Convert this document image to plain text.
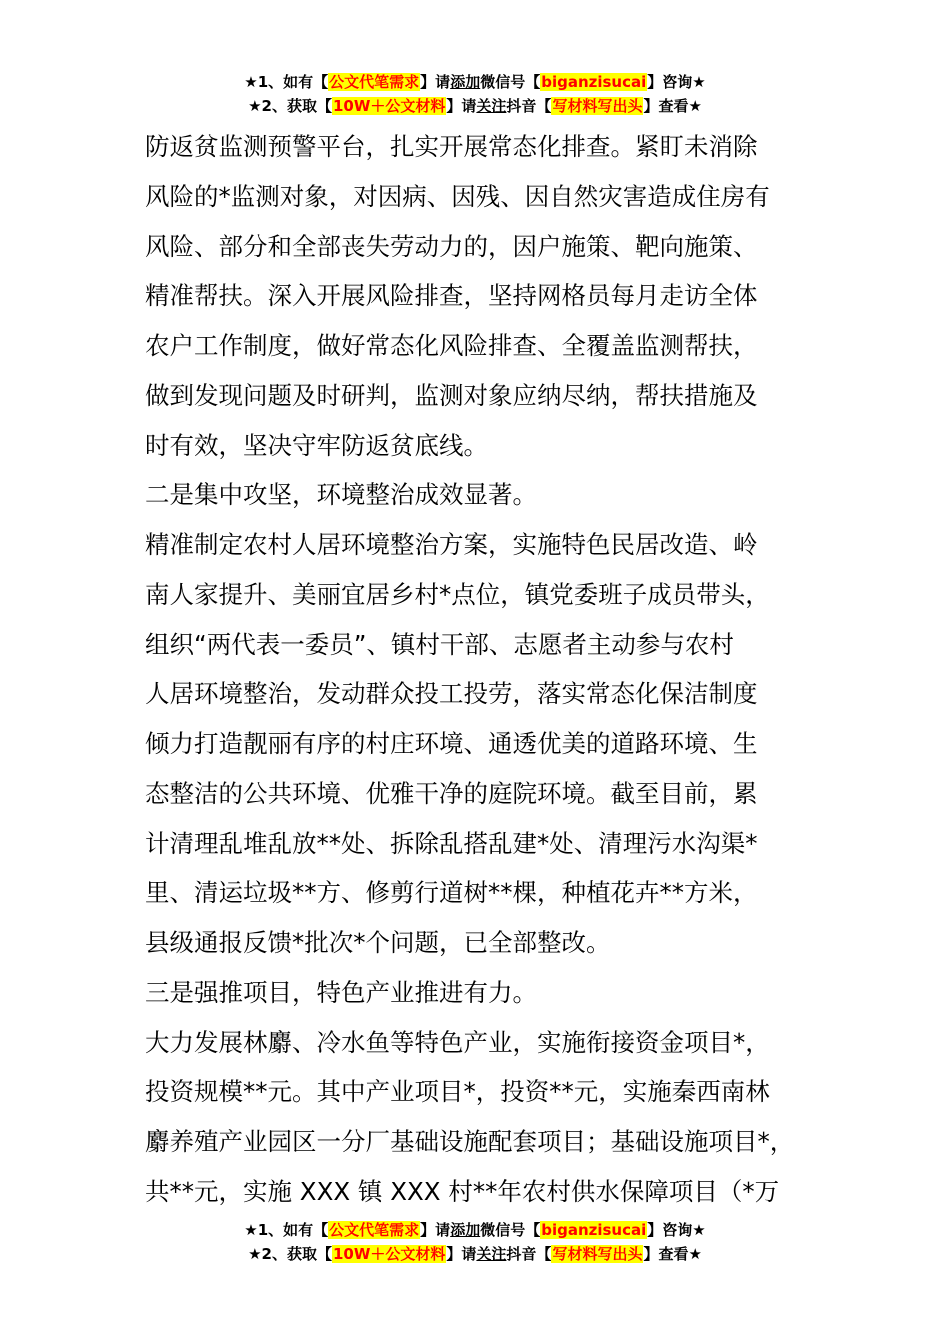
★1、如有【公文代笔需求】请添加微信号【biganzisucai】咨询★
★2、获取【10W＋公文材料】请关注抖音【写材料写出头】查看★
防返贫监测预警平台，扎实开展常态化排查。紧盯未消除
风险的*监测对象，对因病、因残、因自然灾害造成住房有
风险、部分和全部丧失劳动力的，因户施策、靶向施策、
精准帮扶。深入开展风险排查，坚持网格员每月走访全体
农户工作制度，做好常态化风险排查、全覆盖监测帮扶，
做到发现问题及时研判，监测对象应纳尽纳，帮扶措施及
时有效，坚决守牢防返贫底线。
二是集中攻坚，环境整治成效显著。
精准制定农村人居环境整治方案，实施特色民居改造、岭
南人家提升、美丽宜居乡村*点位，镇党委班子成员带头，
组织“两代表一委员”、镇村干部、志愿者主动参与农村
人居环境整治，发动群众投工投劳，落实常态化保洁制度
倾力打造靓丽有序的村庄环境、通透优美的道路环境、生
态整洁的公共环境、优雅干净的庭院环境。截至目前，累
计清理乱堆乱放**处、拆除乱搭乱建*处、清理污水沟渠*
里、清运垃圾**方、修剪行道树**棵，种植花卉**方米，
县级通报反馈*批次*个问题，已全部整改。
三是强推项目，特色产业推进有力。
大力发展林麝、冷水鱼等特色产业，实施衔接资金项目*，
投资规模**元。其中产业项目*，投资**元，实施秦西南林
麝养殖产业园区一分厂基础设施配套项目；基础设施项目*，
共**元，实施 XXX 镇 XXX 村**年农村供水保障项目（*万
★1、如有【公文代笔需求】请添加微信号【biganzisucai】咨询★
★2、获取【10W＋公文材料】请关注抖音【写材料写出头】查看★
